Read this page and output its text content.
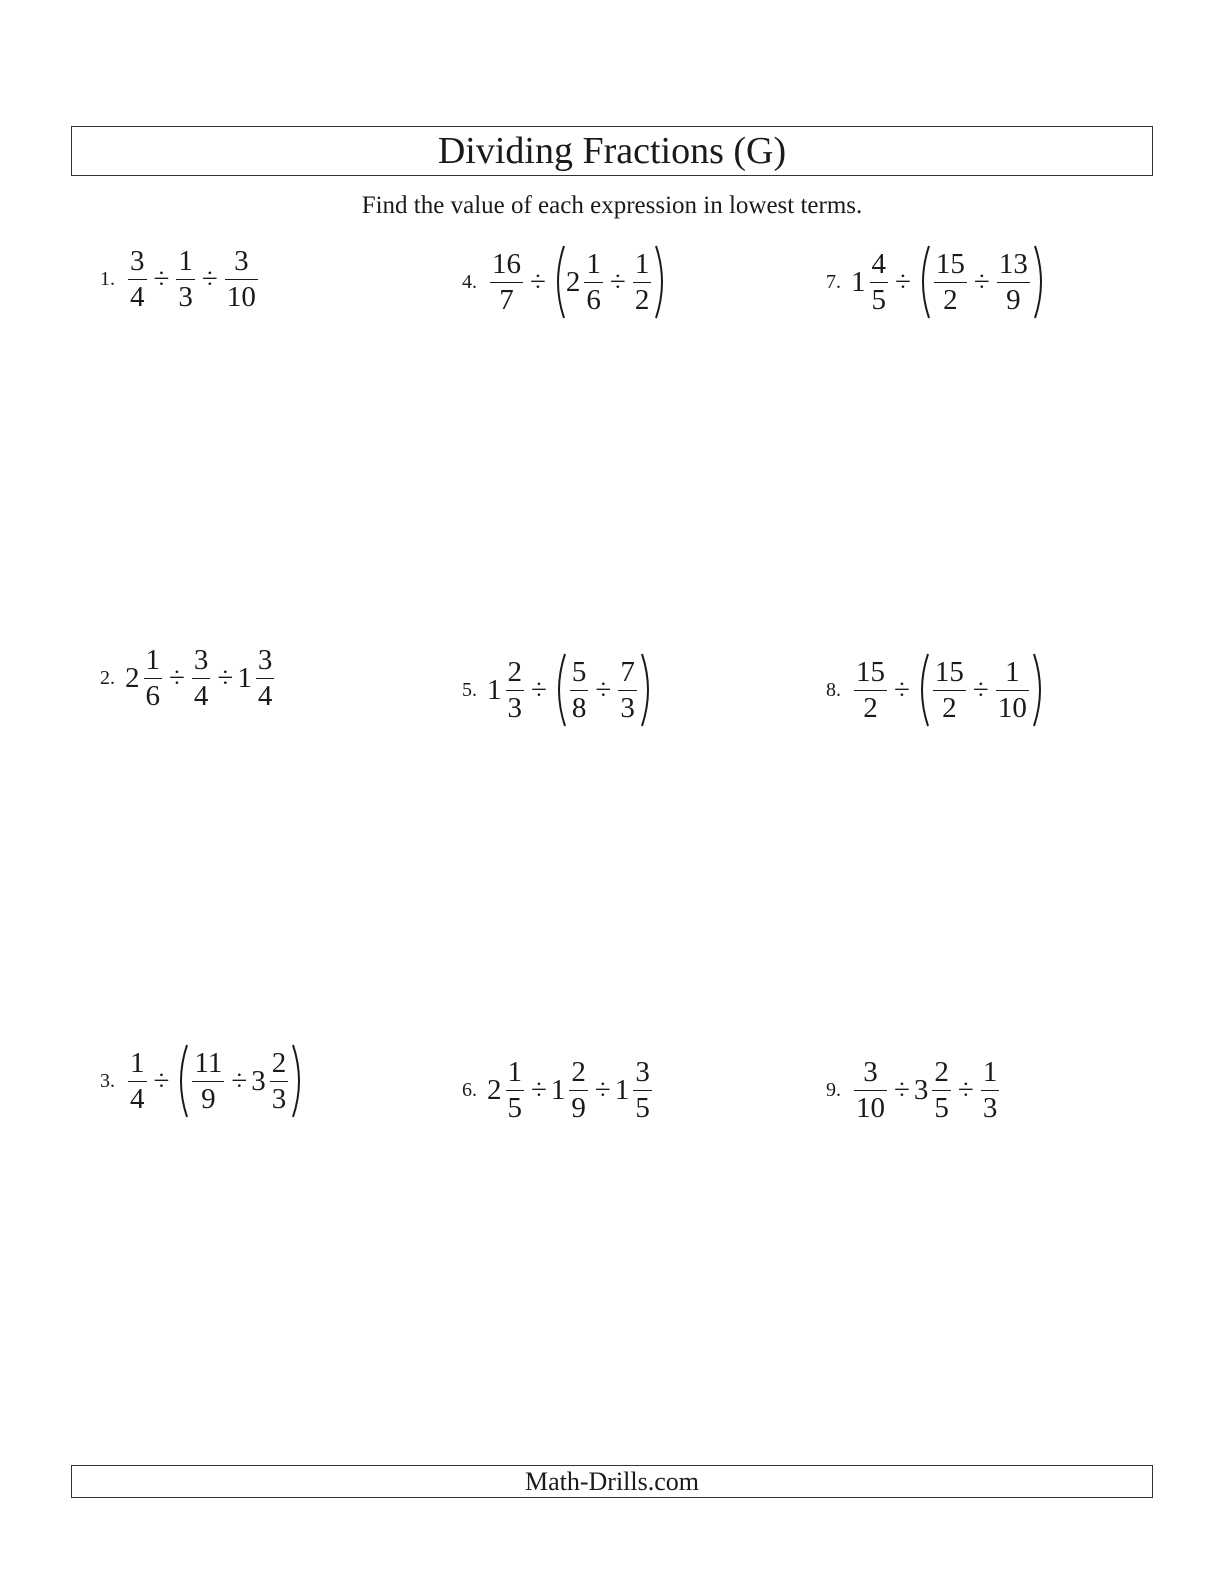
Dividing Fractions (G)
Find the value of each expression in lowest terms.
1. $\frac{3}{4} \div \frac{1}{3} \div \frac{3}{10}$
2. $2 \frac{1}{6} \div \frac{3}{4} \div 1 \frac{3}{4}$
3. $\frac{1}{4} \div \frac{11}{9} \div 3 \frac{2}{3}$
4. $\frac{16}{7} \div 2 \frac{1}{6} \div \frac{1}{2}$
5. $1 \frac{2}{3} \div \frac{5}{8} \div \frac{7}{3}$
6. $2 \frac{1}{5} \div 1 \frac{2}{9} \div 1 \frac{3}{5}$
7. $1 \frac{4}{5} \div \frac{15}{2} \div \frac{13}{9}$
8. $\frac{15}{2} \div \frac{15}{2} \div \frac{1}{10}$
9. $\frac{3}{10} \div 3 \frac{2}{5} \div \frac{1}{3}$
Math-Drills.com
